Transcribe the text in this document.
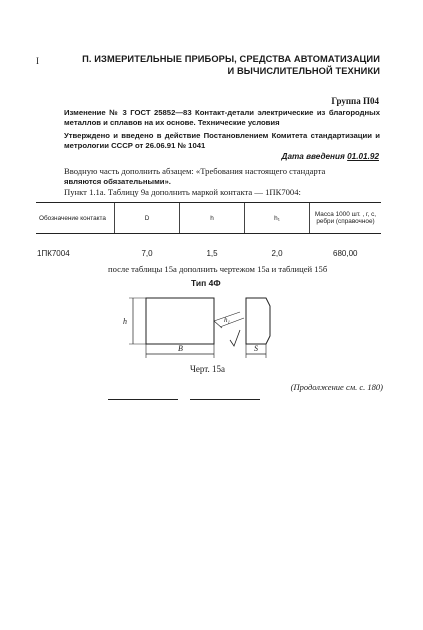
I	П. ИЗМЕРИТЕЛЬНЫЕ ПРИБОРЫ, СРЕДСТВА АВТОМАТИЗАЦИИ
И ВЫЧИСЛИТЕЛЬНОЙ ТЕХНИКИ
Группа П04
Изменение № 3 ГОСТ 25852—83 Контакт-детали электрические из благородных металлов и сплавов на их основе. Технические условия
Утверждено и введено в действие Постановлением Комитета стандартизации и метрологии СССР от 26.06.91 № 1041
Дата введения 01.01.92
Вводную часть дополнить абзацем: «Требования настоящего стандарта
являются обязательными».
Пункт 1.1а. Таблицу 9а дополнить маркой контакта — 1ПК7004:
Обозначение контакта	D	h	h₁	Масса 1000 шт. , г, с, ребри (справочное)
1ПК7004	7,0	1,5	2,0	680,00
после таблицы 15а дополнить чертежом 15а и таблицей 15б
Тип 4Ф
h
B	S
h₁
Черт. 15а
(Продолжение см. с. 180)
